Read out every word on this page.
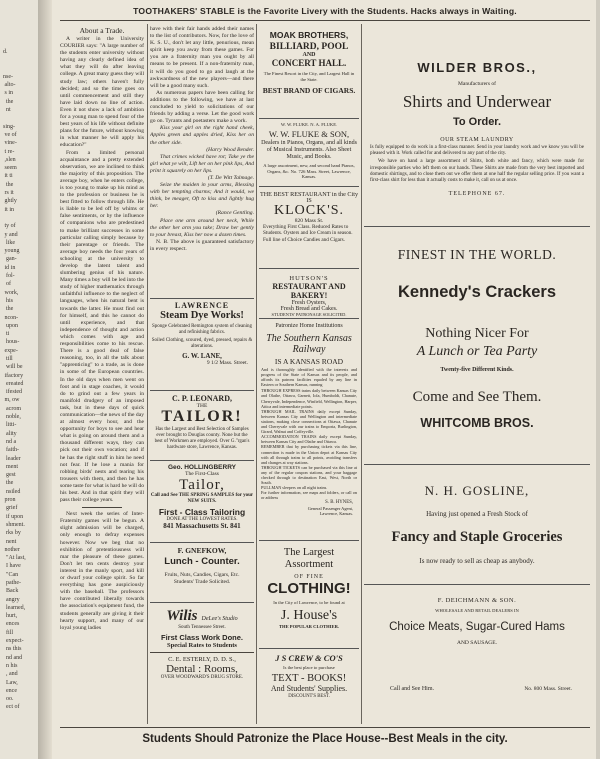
d.

nse-
alto-
s in
the
nt

sing-
ve of
vine-
t re-
,slen
seem
it ti
the
rs it
ghtly
it in

ty of
y and
like
young
gan-
id in
fol-
of
work,
his
the
ncon-
upon
ti
hous-
expe-
till
will be
ifactory
ereated
ifested
m, ow
acrom
noble,
litti-
ality
nd a
faith-
leader
ment
gest
the
nsiled
pron
grief
if upon
shment.
rks by
nent
nother
"At last,
I have
"Can
pathe-
Back
angry
learned,
hurt,
ences
fill
expect-
ns this
nd and
n his
, and
Law,
ence
oo.
ect of
TOOTHAKERS' STABLE is the Favorite Livery with the Students. Hacks always in Waiting.

About a Trade.

A writer in the University COURIER says: "A large number of the students enter university without having any clearly defined idea of what they will do after leaving college. A great many guess they will study law; others haven't fully decided; and so the time goes on until commencement and still they have laid down no line of action. Even it not show a lack of ambition for a young man to spend four of the best years of his life without definite plans for the future, without knowing in what manner he will apply his education?"

From a limited personal acquaintance and a pretty extended observation, we are inclined to think the majority of this proposition. The average boy, when he enters college, is too young to make up his mind as to the profession or business he is best fitted to follow through life. He is liable to be led off by whims or false sentiments, or by the influence of companions who are predestined to make brilliant successes in some particular calling simply because by their parentage or friends. The average boy needs the four years of schooling at the university to develop the latent talent and slumbering genius of his nature. Many times a boy will be led into the study of higher mathematics through unfaithful influence to the neglect of languages, when his natural bent is towards the latter. He must find out for himself, and this he cannot do until experience, and that independence of thought and action which comes with age and responsibilities come to his rescue. There is a good deal of false reasoning, too, in all the talk about "apprenticing" to a trade, as is done in some of the European countries. In the old days when men went on foot and in stage coaches, it would do to grind out a few years in manifold drudgery of an imposed task, but in these days of quick communication—the news of the day at almost every hour, and the opportunity for boys to see and hear what is going on around them and a thousand different ways, they can pick out their own vocation; and if he has the right stuff in him he need not fear. If he lose a mania for robbing birds' nests and tearing his trousers with them, and then he has some taste for what is hard he will do his best. And in that spirit they will pass their college years.

Next week the series of Inter-Fraternity games will be begun. A slight admission will be charged, only enough to defray expenses however. Now we beg that no exhibition of pretentiousness will mar the pleasure of these games. Don't let ten cents destroy your interest in the manly sport, and kill or dwarf your college spirit. So far everything has gone auspiciously with the baseball. The professors have contributed liberally towards the association's equipment fund, the students generally are giving it their hearty support, and many of our loyal young ladies

have with their fair hands added their names to the list of contributors. Now, for the love of K. S. U., don't let any little, penurious, mean spirit keep you away from these games. For you are a fraternity man you ought by all means to be present. If a non-fraternity man, it will do you good to go and laugh at the awkwardness of the new players—and there will be a good many such.

As numerous papers have been calling for additions to the following, we have at last concluded to yield to solicitations of our friends by adding a verse. Let the good work go on. Tyrants and poetasters make a work.

Kiss your girl on the right hand cheek, Apples green and apples dried, Kiss her on the other side.

(Harry Wood Bender.

That crimes wicked have rot; Take ye the girl what ye wilt, Lift her on her pink lips, And print it squarely on her lips.

(T. De Witt Talmage.

Seize the maiden in your arms, Blessing with her tempting charms; And it would, we think, be meager, Oft to kiss and lightly hug her.

(Rance Gentling.

Place one arm around her neck, While the other her arm you take; Draw her gently to your breast, Kiss her now a dozen times.

N. B. The above is guaranteed satisfactory in every respect.

LAWRENCE
Steam Dye Works!
Sponge Celebrated Remington system of cleaning and refinishing fabrics.
Soiled Clothing, scoured, dyed, pressed, repairs & alterations.
G. W. LANE,
9 1/2 Mass. Street.
C. P. LEONARD,
THE
TAILOR!
Has the Largest and Best Selection of Samples ever brought to Douglas county. None but the best of Workmen are employed. Over G."rgan's hardware store, Lawrence, Kansas.
Geo. HOLLINGBERRY
The First-Class
Tailor,
Call and See THE SPRING SAMPLES for your NEW SUITS.
First - Class Tailoring
DONE AT THE LOWEST RATES.
841 Massachusetts St. 841
F. GNEFKOW,
Lunch - Counter.
Fruits, Nuts, Candies, Cigars, Etc. Students' Trade Solicited.
Wilis DeLee's Studio
South Tennessee Street.
First Class Work Done.
Special Rates to Students
C. E. ESTERLY, D. D. S.,
Dental : Rooms,
OVER WOODWARD'S DRUG STORE.
MOAK BROTHERS,
BILLIARD, POOL
AND
CONCERT HALL.
The Finest Resort in the City, and Largest Hall in the State.
BEST BRAND OF CIGARS.
W. W. FLUKE. N. A. FLUKE.
W. W. FLUKE & SON,
Dealers in Pianos, Organs, and all kinds of Musical Instruments. Also Sheet Music, and Books.
A large assortment, new, and second hand Pianos, Organs, &c. No. 726 Mass. Street, Lawrence, Kansas.
THE BEST RESTAURANT in the City
IS
KLOCK'S.
820 Mass St.
Everything First Class. Reduced Rates to Students. Oysters and Ice Cream in season. Full line of Choice Candies and Cigars.
HUTSON'S
RESTAURANT AND BAKERY!
Fresh Oysters,
Fresh Bread and Cakes.
STUDENTS' PATRONAGE SOLICITED.
Patronize Home Institutions
The Southern Kansas Railway
IS A KANSAS ROAD
And is thoroughly identified with the interests and progress of the State of Kansas and its people, and affords its patrons facilities equaled by any line in Eastern or Southern Kansas, running
THROUGH EXPRESS trains daily between Kansas City and Olathe, Ottawa, Garnett, Iola, Humboldt, Chanute, Cherryvale, Independence, Winfield, Wellington, Harper, Attica and intermediate points.
THROUGH MAIL TRAINS daily except Sunday, between Kansas City and Wellington and intermediate stations, making close connections at Ottawa, Chanute and Cherryvale with our trains to Emporia, Burlington, Girard, Walnut and Coffeyville.
ACCOMMODATION TRAINS daily except Sunday, between Kansas City and Olathe and Ottawa.
REMEMBER that by purchasing tickets via this line, connection is made in the Union depot at Kansas City with all through trains to all points, avoiding transfers and changes at way stations.
THROUGH TICKETS can be purchased via this line at any of the regular coupon stations, and your baggage checked through to destination East, West, North or South.
PULLMAN sleepers on all night trains.
For further information, see maps and folders, or call on or address
S. B. HYNES,
General Passenger Agent,
Lawrence, Kansas.
The Largest Assortment
OF FINE
CLOTHING!
In the City of Lawrence, to be found at
J. House's
THE POPULAR CLOTHIER.
J S CREW & CO'S
Is the best place to purchase
TEXT - BOOKS!
And Students' Supplies.
DISCOUNT'S BEST.
WILDER BROS.,
Manufacturers of
Shirts and Underwear
To Order.
OUR STEAM LAUNDRY
Is fully equipped to do work in a first-class manner. Send in your laundry work and we know you will be pleased with it. Work called for and delivered to any part of the city.
We have on hand a large assortment of Shirts, both white and fancy, which were made for irresponsible parties who left them on our hands. These Shirts are made from the very best imported and domestic shirtings, and to close them out we offer them at one half the regular selling price. If you want a first-class shirt for less than it actually costs to make it, call on us at once.
TELEPHONE 67.
FINEST IN THE WORLD.
Kennedy's Crackers
Nothing Nicer For
A Lunch or Tea Party
Twenty-five Different Kinds.
Come and See Them.
WHITCOMB BROS.
N. H. GOSLINE,
Having just opened a Fresh Stock of
Fancy and Staple Groceries
Is now ready to sell as cheap as anybody.
F. DEICHMANN & SON.
WHOLESALE AND RETAIL DEALERS IN
Choice Meats, Sugar-Cured Hams
AND SAUSAGE.
Call and See Him.	No. 800 Mass. Street.
Students Should Patronize the Place House--Best Meals in the city.
